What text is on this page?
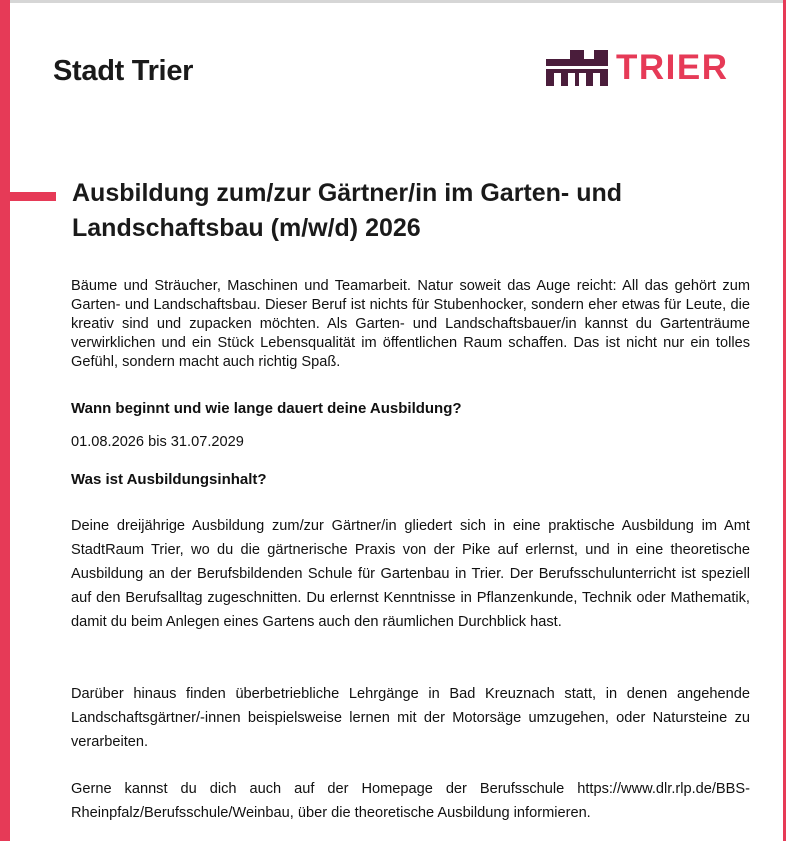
Stadt Trier	TRIER
Ausbildung zum/zur Gärtner/in im Garten- und Landschaftsbau (m/w/d) 2026

Bäume und Sträucher, Maschinen und Teamarbeit. Natur soweit das Auge reicht: All das gehört zum Garten- und Landschaftsbau. Dieser Beruf ist nichts für Stubenhocker, sondern eher etwas für Leute, die kreativ sind und zupacken möchten. Als Garten- und Landschaftsbauer/in kannst du Gartenträume verwirklichen und ein Stück Lebensqualität im öffentlichen Raum schaffen. Das ist nicht nur ein tolles Gefühl, sondern macht auch richtig Spaß.

Wann beginnt und wie lange dauert deine Ausbildung?

01.08.2026 bis 31.07.2029

Was ist Ausbildungsinhalt?

Deine dreijährige Ausbildung zum/zur Gärtner/in gliedert sich in eine praktische Ausbildung im Amt StadtRaum Trier, wo du die gärtnerische Praxis von der Pike auf erlernst, und in eine theoretische Ausbildung an der Berufsbildenden Schule für Gartenbau in Trier. Der Berufsschulunterricht ist speziell auf den Berufsalltag zugeschnitten. Du erlernst Kenntnisse in Pflanzenkunde, Technik oder Mathematik, damit du beim Anlegen eines Gartens auch den räumlichen Durchblick hast.

Darüber hinaus finden überbetriebliche Lehrgänge in Bad Kreuznach statt, in denen angehende Landschaftsgärtner/-innen beispielsweise lernen mit der Motorsäge umzugehen, oder Natursteine zu verarbeiten.

Gerne kannst du dich auch auf der Homepage der Berufsschule https://www.dlr.rlp.de/BBS-Rheinpfalz/Berufsschule/Weinbau, über die theoretische Ausbildung informieren.
